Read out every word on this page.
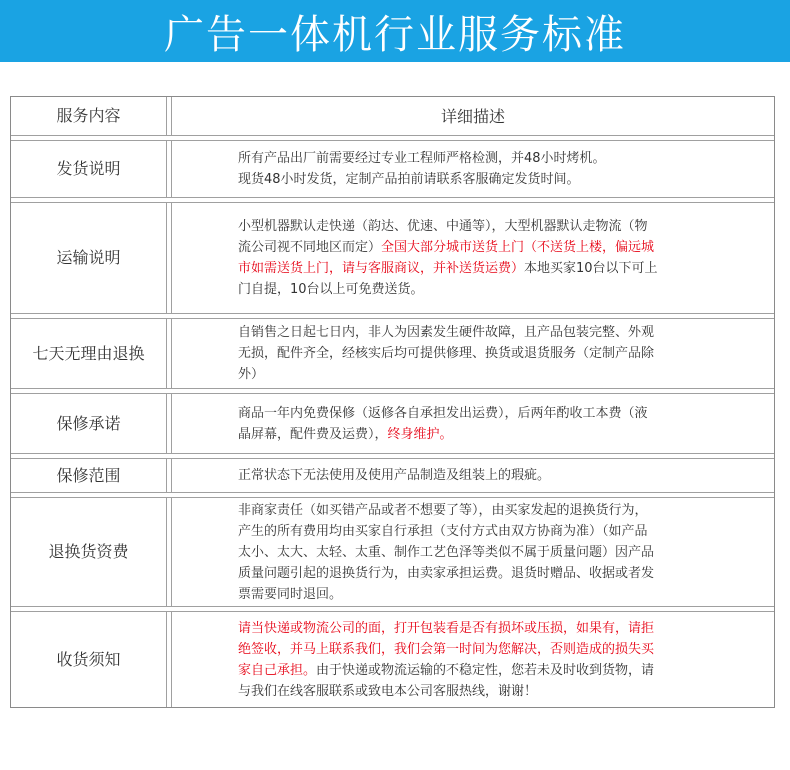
广告一体机行业服务标准
服务内容	详细描述
发货说明
所有产品出厂前需要经过专业工程师严格检测，并48小时烤机。
现货48小时发货，定制产品拍前请联系客服确定发货时间。
运输说明
小型机器默认走快递（韵达、优速、中通等），大型机器默认走物流（物
流公司视不同地区而定）全国大部分城市送货上门（不送货上楼，偏远城
市如需送货上门，请与客服商议，并补送货运费）本地买家10台以下可上
门自提，10台以上可免费送货。
七天无理 由退换
自销售之日起七日内，非人为因素发生硬件故障，且产品包装完整、外观
无损，配件齐全，经核实后均可提供修理、换货或退货服务（定制产品除
外）
保修承诺
商品一年内免费保修（返修各自承担发出运费），后两年酌收工本费（液
晶屏幕，配件费及运费），终身维护。
保修范围	正常状态下无法使用及使用产品制造及组装上的瑕疵。
退换货资费
非商家责任（如买错产品或者不想要了等），由买家发起的退换货行为，
产生的所有费用均由买家自行承担（支付方式由双方协商为准）（如产品
太小、太大、太轻、太重、制作工艺色泽等类似不属于质量问题）因产品
质量问题引起的退换货行为，由卖家承担运费。退货时赠品、收据或者发
票需要同时退回。
收货须知
请当快递或物流公司的面，打开包装看是否有损坏或压损，如果有，请拒
绝签收，并马上联系我们，我们会第一时间为您解决，否则造成的损失买
家自己承担。由于快递或物流运输的不稳定性，您若未及时收到货物，请
与我们在线客服联系或致电本公司客服热线，谢谢！
